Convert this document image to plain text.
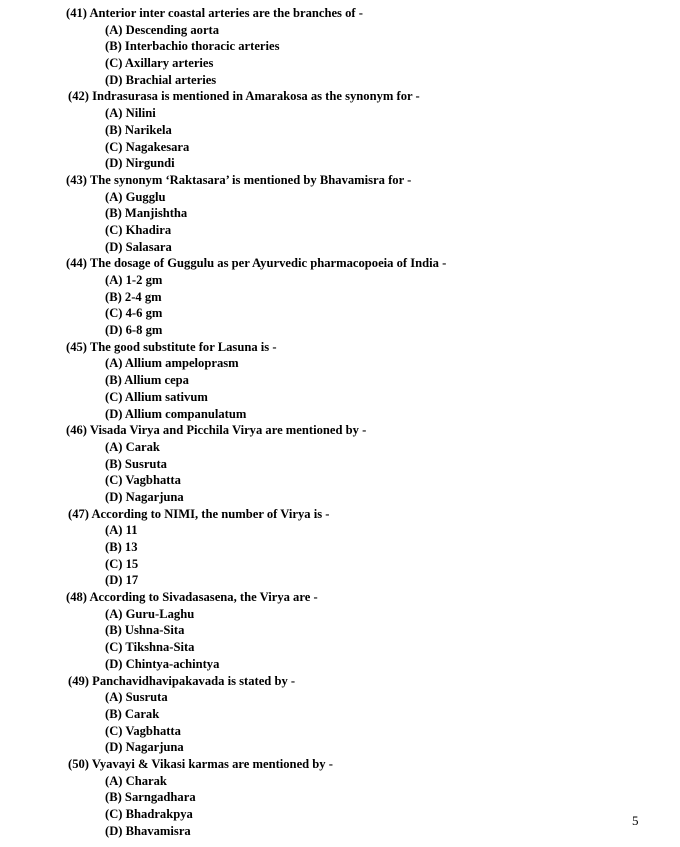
(41) Anterior inter coastal arteries are the branches of -
(A) Descending aorta
(B) Interbachio thoracic arteries
(C) Axillary arteries
(D) Brachial arteries
(42) Indrasurasa is mentioned in Amarakosa as the synonym for -
(A) Nilini
(B) Narikela
(C) Nagakesara
(D) Nirgundi
(43) The synonym ‘Raktasara’ is mentioned by Bhavamisra for -
(A) Gugglu
(B) Manjishtha
(C) Khadira
(D) Salasara
(44) The dosage of Guggulu as per Ayurvedic pharmacopoeia of India -
(A) 1-2 gm
(B) 2-4 gm
(C) 4-6 gm
(D) 6-8 gm
(45) The good substitute for Lasuna is -
(A) Allium ampeloprasm
(B) Allium cepa
(C) Allium sativum
(D) Allium companulatum
(46) Visada Virya and Picchila Virya are mentioned by -
(A) Carak
(B) Susruta
(C) Vagbhatta
(D) Nagarjuna
(47) According to NIMI, the number of Virya is -
(A) 11
(B) 13
(C) 15
(D) 17
(48) According to Sivadasasena, the Virya are -
(A) Guru-Laghu
(B) Ushna-Sita
(C) Tikshna-Sita
(D) Chintya-achintya
(49) Panchavidhavipakavada is stated by -
(A) Susruta
(B) Carak
(C) Vagbhatta
(D) Nagarjuna
(50) Vyavayi & Vikasi karmas are mentioned by -
(A) Charak
(B) Sarngadhara
(C) Bhadrakpya
(D) Bhavamisra
5
